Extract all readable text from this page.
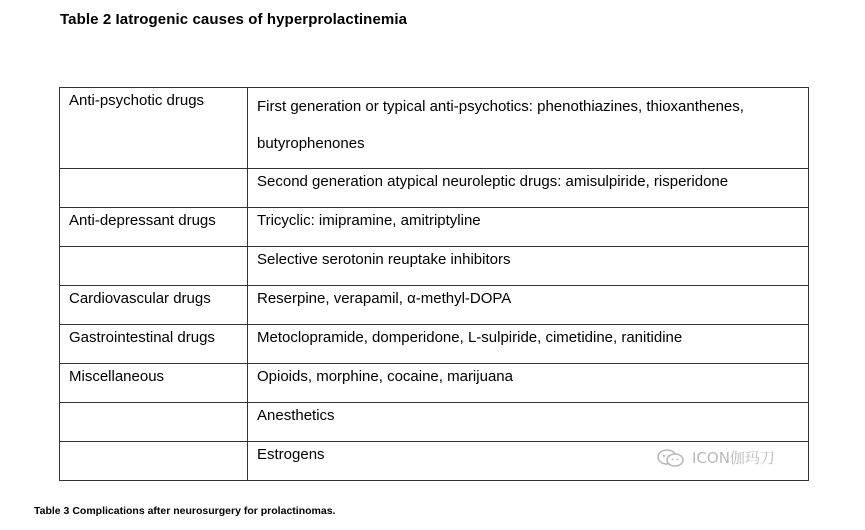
Table 2 Iatrogenic causes of hyperprolactinemia
Anti-psychotic drugs	First generation or typical anti-psychotics: phenothiazines, thioxanthenes,
butyrophenones

	Second generation atypical neuroleptic drugs: amisulpiride, risperidone
Anti-depressant drugs	Tricyclic: imipramine, amitriptyline
	Selective serotonin reuptake inhibitors
Cardiovascular drugs	Reserpine, verapamil, α-methyl-DOPA
Gastrointestinal drugs	Metoclopramide, domperidone, L-sulpiride, cimetidine, ranitidine
Miscellaneous	Opioids, morphine, cocaine, marijuana
	Anesthetics
	Estrogens	ICON伽玛刀
Table 3 Complications after neurosurgery for prolactinomas.
